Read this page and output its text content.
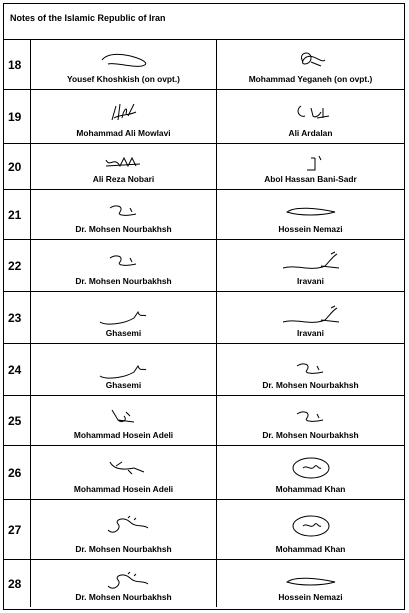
Notes of the Islamic Republic of Iran
18
Yousef Khoshkish (on ovpt.)	Mohammad Yeganeh (on ovpt.)
19
Mohammad Ali Mowlavi	Ali Ardalan
20
Ali Reza Nobari	Abol Hassan Bani-Sadr
21
Dr. Mohsen Nourbakhsh	Hossein Nemazi
22
Dr. Mohsen Nourbakhsh	Iravani
23
Ghasemi	Iravani
24
Ghasemi	Dr. Mohsen Nourbakhsh
25
Mohammad Hosein Adeli	Dr. Mohsen Nourbakhsh
26
Mohammad Hosein Adeli	Mohammad Khan
27
Dr. Mohsen Nourbakhsh	Mohammad Khan
28
Dr. Mohsen Nourbakhsh	Hossein Nemazi
